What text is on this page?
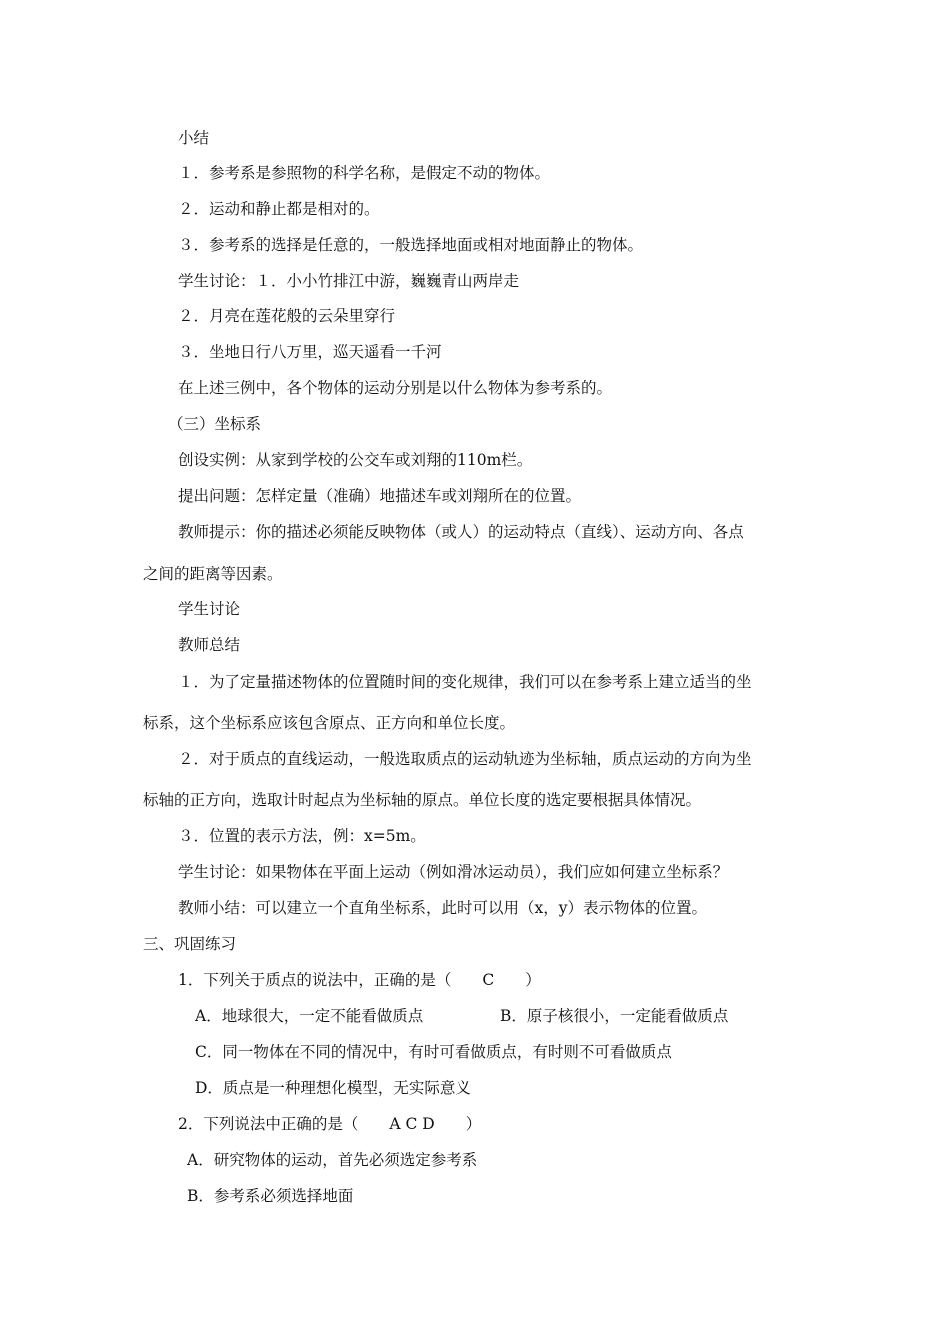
小结
１．参考系是参照物的科学名称，是假定不动的物体。
２．运动和静止都是相对的。
３．参考系的选择是任意的，一般选择地面或相对地面静止的物体。
学生讨论：１．小小竹排江中游，巍巍青山两岸走
２．月亮在莲花般的云朵里穿行
３．坐地日行八万里，巡天遥看一千河
在上述三例中，各个物体的运动分别是以什么物体为参考系的。
（三）坐标系
创设实例：从家到学校的公交车或刘翔的110m栏。
提出问题：怎样定量（准确）地描述车或刘翔所在的位置。
教师提示：你的描述必须能反映物体（或人）的运动特点（直线）、运动方向、各点
之间的距离等因素。
学生讨论
教师总结
１．为了定量描述物体的位置随时间的变化规律，我们可以在参考系上建立适当的坐
标系，这个坐标系应该包含原点、正方向和单位长度。
２．对于质点的直线运动，一般选取质点的运动轨迹为坐标轴，质点运动的方向为坐
标轴的正方向，选取计时起点为坐标轴的原点。单位长度的选定要根据具体情况。
３．位置的表示方法，例：x=5m。
学生讨论：如果物体在平面上运动（例如滑冰运动员），我们应如何建立坐标系？
教师小结：可以建立一个直角坐标系，此时可以用（x，y）表示物体的位置。
三、巩固练习
1．下列关于质点的说法中，正确的是（　　C　　）
A．地球很大，一定不能看做质点	B．原子核很小，一定能看做质点
C．同一物体在不同的情况中，有时可看做质点，有时则不可看做质点
D．质点是一种理想化模型，无实际意义
2．下列说法中正确的是（　　A C D　　）
A．研究物体的运动，首先必须选定参考系
B．参考系必须选择地面
